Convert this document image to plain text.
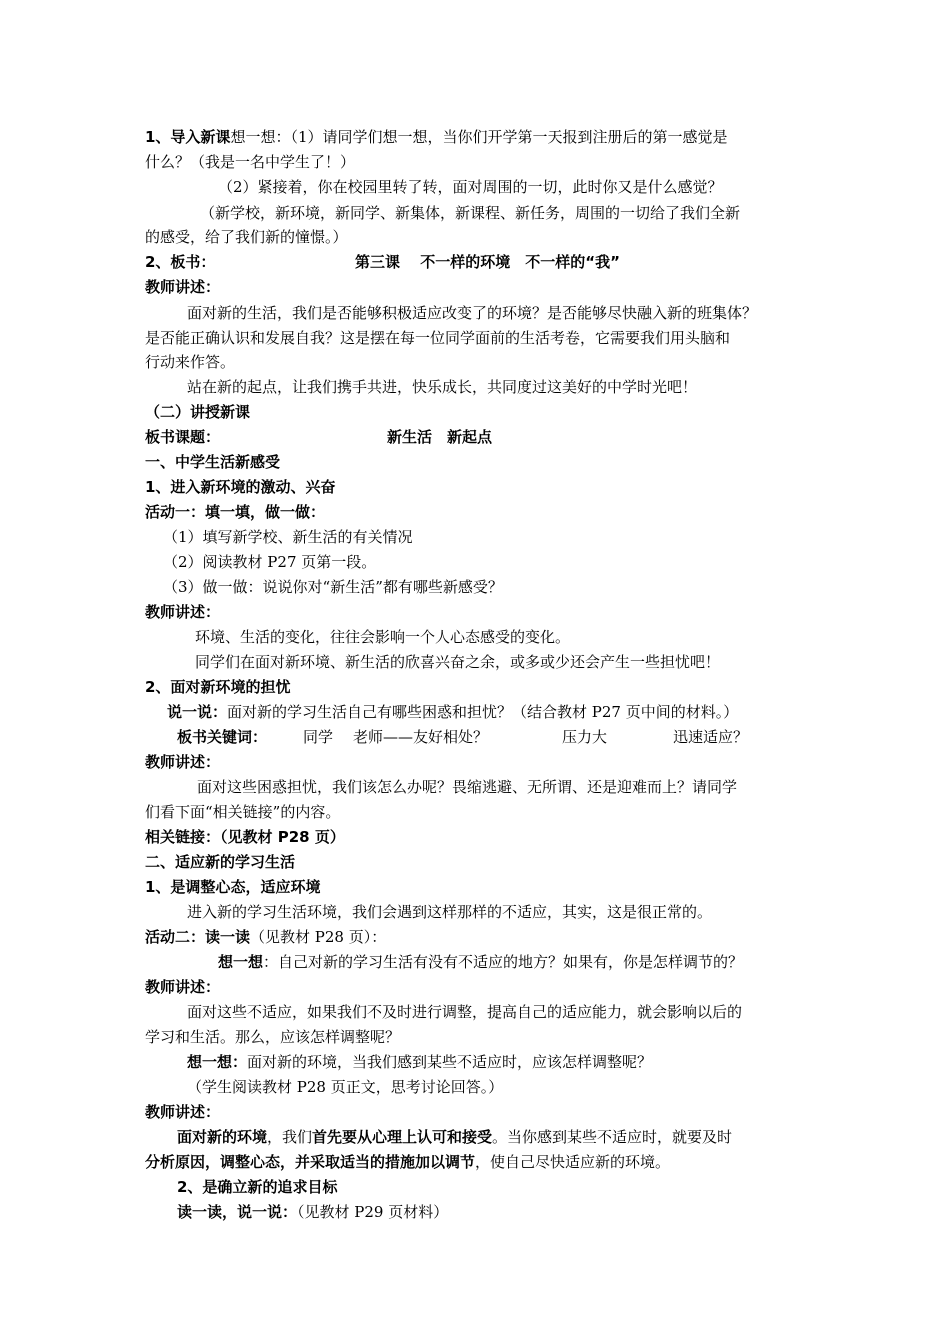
1、导入新课想一想：（1）请同学们想一想，当你们开学第一天报到注册后的第一感觉是
什么？（我是一名中学生了！）
（2）紧接着，你在校园里转了转，面对周围的一切，此时你又是什么感觉？
（新学校，新环境，新同学、新集体，新课程、新任务，周围的一切给了我们全新
的感受，给了我们新的憧憬。）
2、板书：	第三课　 不一样的环境　不一样的“我”
教师讲述：
面对新的生活，我们是否能够积极适应改变了的环境？是否能够尽快融入新的班集体？
是否能正确认识和发展自我？这是摆在每一位同学面前的生活考卷，它需要我们用头脑和
行动来作答。
站在新的起点，让我们携手共进，快乐成长，共同度过这美好的中学时光吧！
（二）讲授新课
板书课题：	新生活　新起点
一、中学生活新感受
1、进入新环境的激动、兴奋
活动一：填一填，做一做：
（1）填写新学校、新生活的有关情况
（2）阅读教材 P27 页第一段。
（3）做一做：说说你对“新生活”都有哪些新感受？
教师讲述：
环境、生活的变化，往往会影响一个人心态感受的变化。
同学们在面对新环境、新生活的欣喜兴奋之余，或多或少还会产生一些担忧吧！
2、面对新环境的担忧
说一说：面对新的学习生活自己有哪些困惑和担忧？（结合教材 P27 页中间的材料。）
板书关键词： 同学 老师——友好相处？	压力大	迅速适应？
教师讲述：
面对这些困惑担忧，我们该怎么办呢？畏缩逃避、无所谓、还是迎难而上？请同学
们看下面“相关链接”的内容。
相关链接：（见教材 P28 页）
二、适应新的学习生活
1、是调整心态，适应环境
进入新的学习生活环境，我们会遇到这样那样的不适应，其实，这是很正常的。
活动二：读一读（见教材 P28 页）：
想一想：自己对新的学习生活有没有不适应的地方？如果有，你是怎样调节的？
教师讲述：
面对这些不适应，如果我们不及时进行调整，提高自己的适应能力，就会影响以后的
学习和生活。那么，应该怎样调整呢？
想一想：面对新的环境，当我们感到某些不适应时，应该怎样调整呢？
（学生阅读教材 P28 页正文，思考讨论回答。）
教师讲述：
面对新的环境，我们首先要从心理上认可和接受。当你感到某些不适应时，就要及时
分析原因，调整心态，并采取适当的措施加以调节，使自己尽快适应新的环境。
2、是确立新的追求目标
读一读，说一说：（见教材 P29 页材料）
